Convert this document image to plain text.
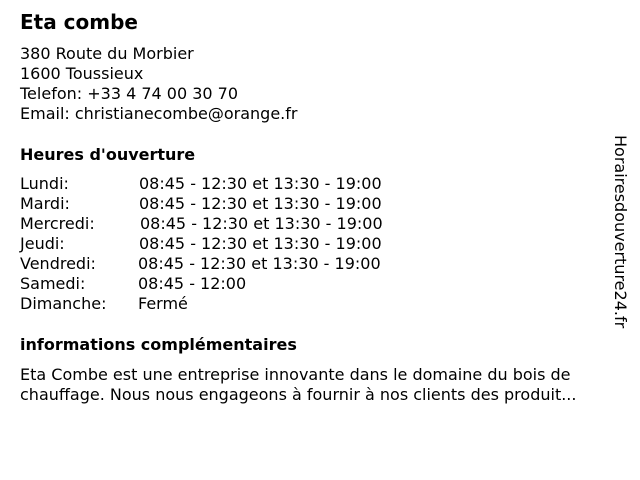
Eta combe
380 Route du Morbier
1600 Toussieux
Telefon: +33 4 74 00 30 70
Email: christianecombe@orange.fr
Heures d'ouverture
Lundi:	08:45 - 12:30 et 13:30 - 19:00
Mardi:	08:45 - 12:30 et 13:30 - 19:00
Mercredi:	08:45 - 12:30 et 13:30 - 19:00
Jeudi:	08:45 - 12:30 et 13:30 - 19:00
Vendredi:	08:45 - 12:30 et 13:30 - 19:00
Samedi:	08:45 - 12:00
Dimanche: Fermé
informations complémentaires
Eta Combe est une entreprise innovante dans le domaine du bois de
chauffage. Nous nous engageons à fournir à nos clients des produit...
Horairesdouverture24.fr
